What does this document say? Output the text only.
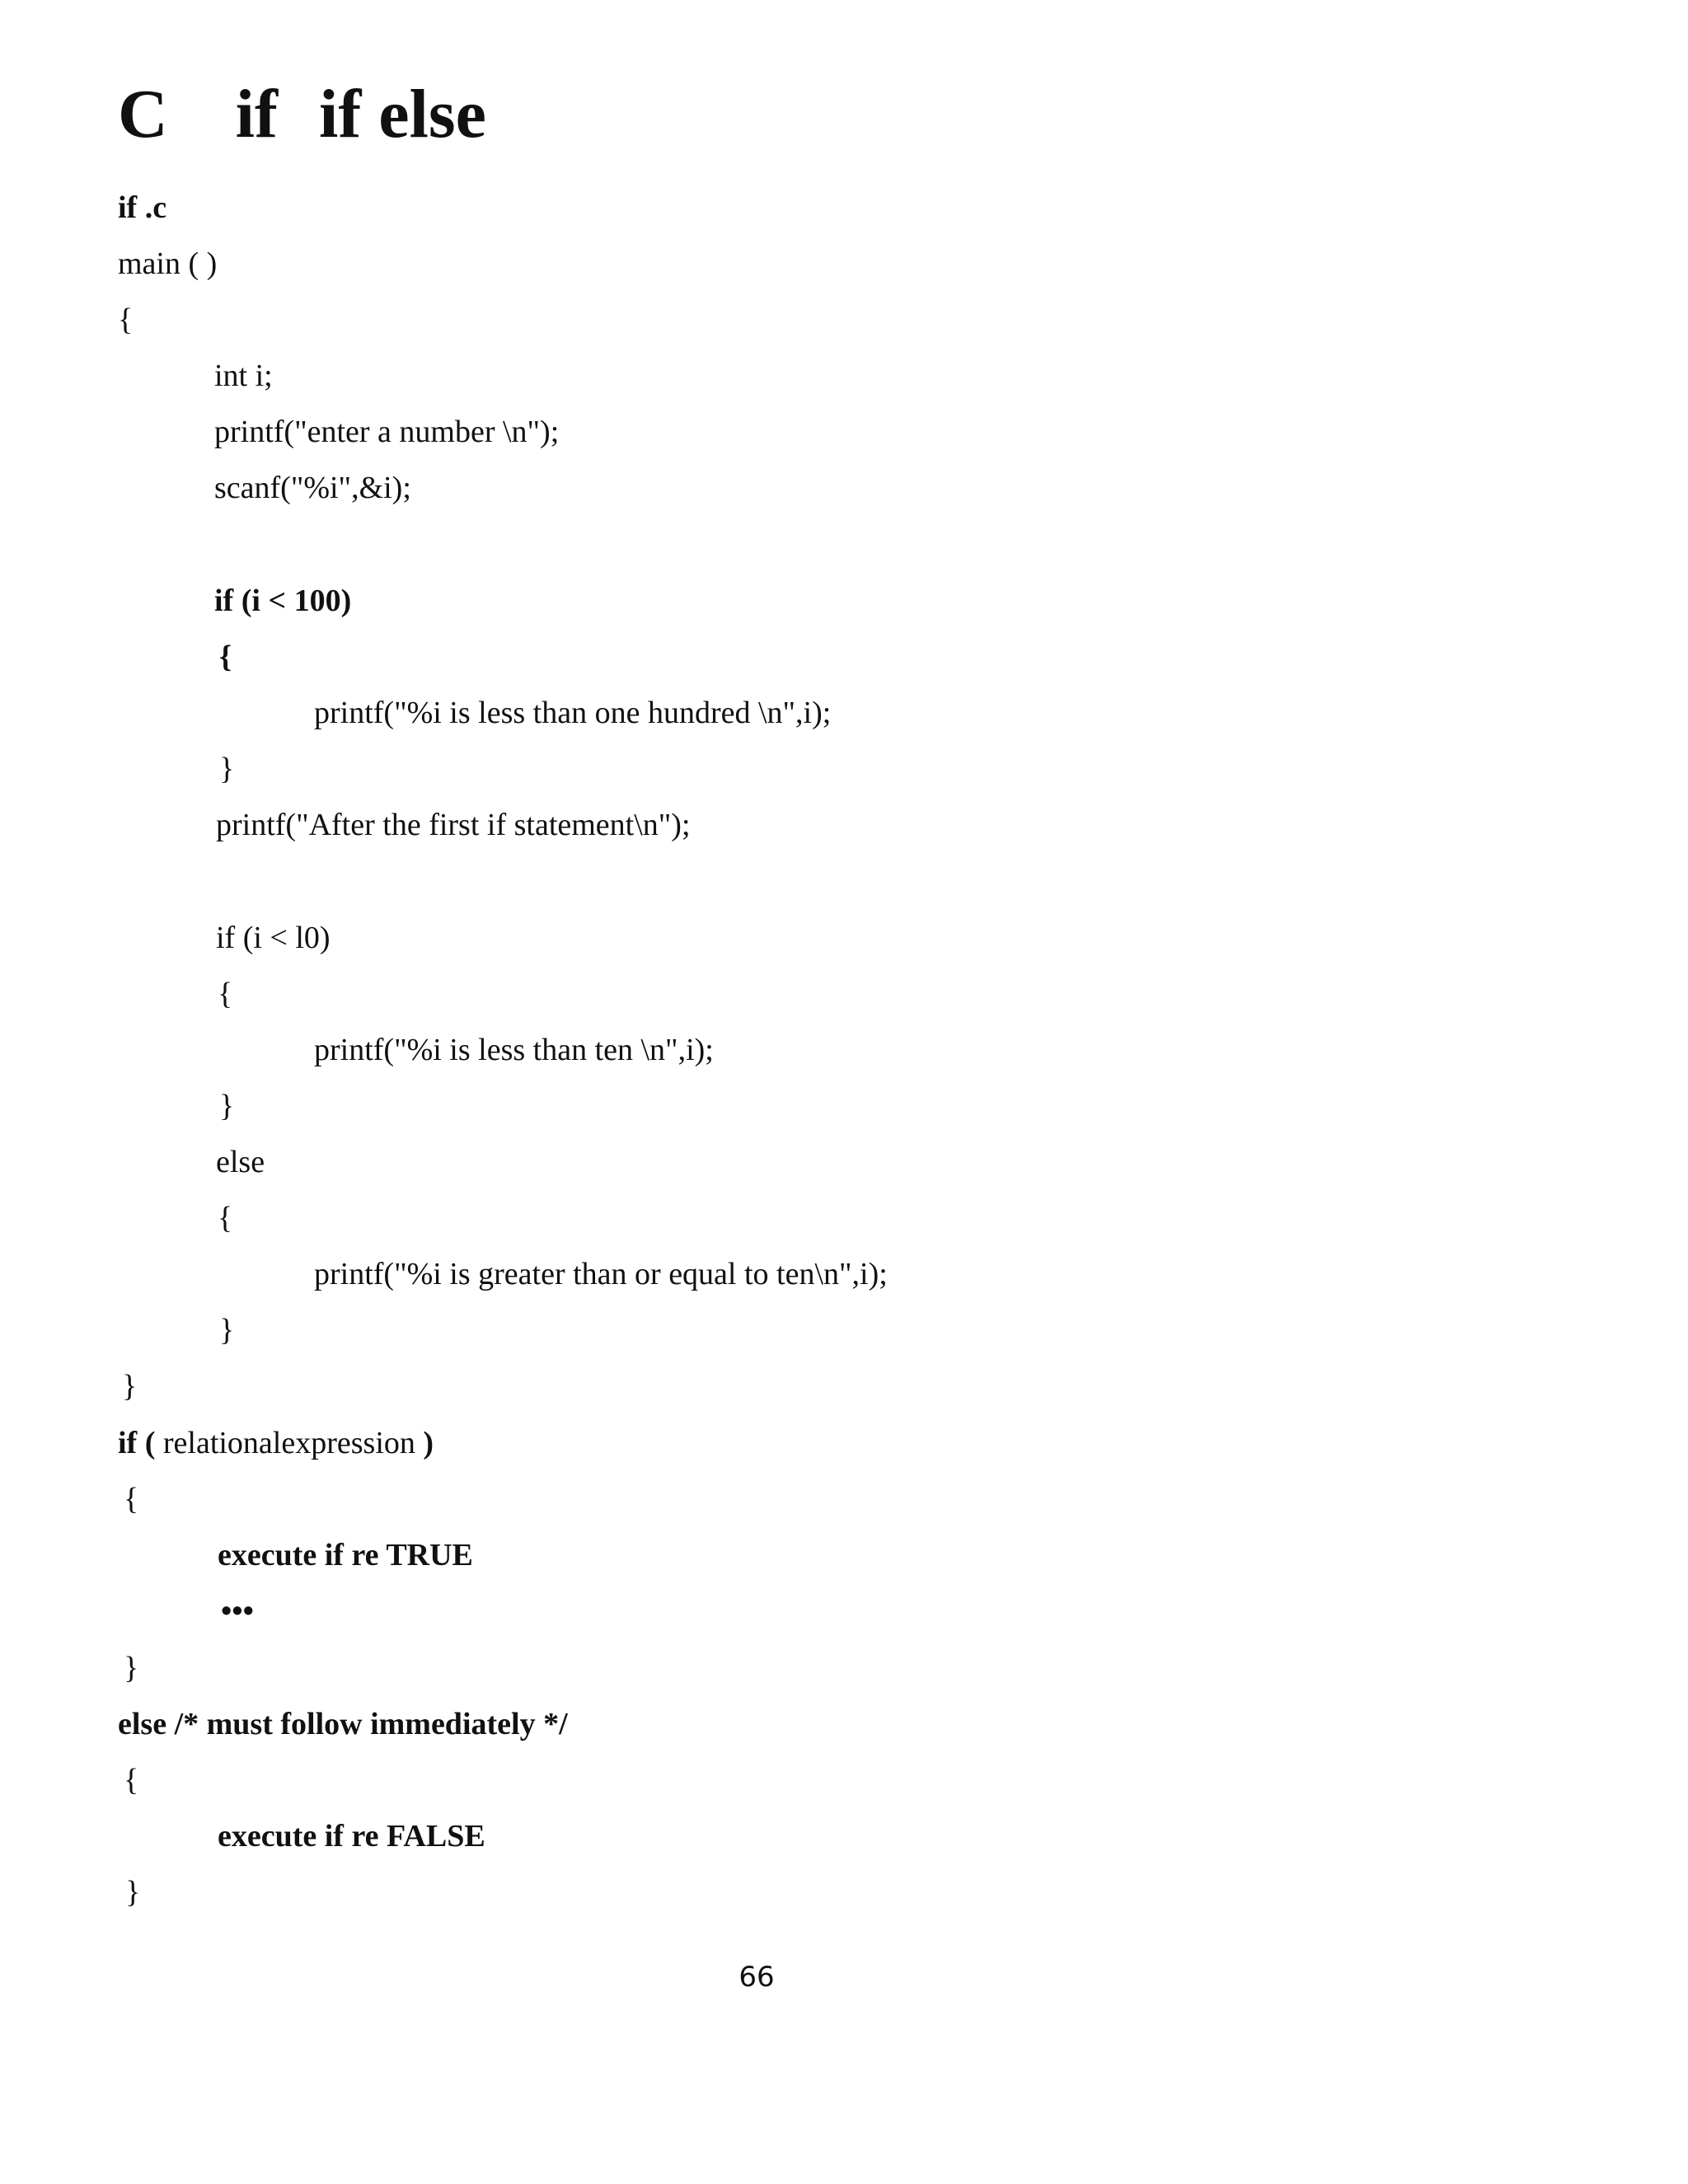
C if if else
if .c
main ( )
{
int i;
printf("enter a number \n");
scanf("%i",&i);
if (i < 100)
{
printf("%i is less than one hundred \n",i);
}
printf("After the first if statement\n");
if (i < l0)
{
printf("%i is less than ten \n",i);
}
else
{
printf("%i is greater than or equal to ten\n",i);
}
}
if ( relationalexpression )
{
execute if re TRUE
•••
}
else /* must follow immediately */
{
execute if re FALSE
}
66
